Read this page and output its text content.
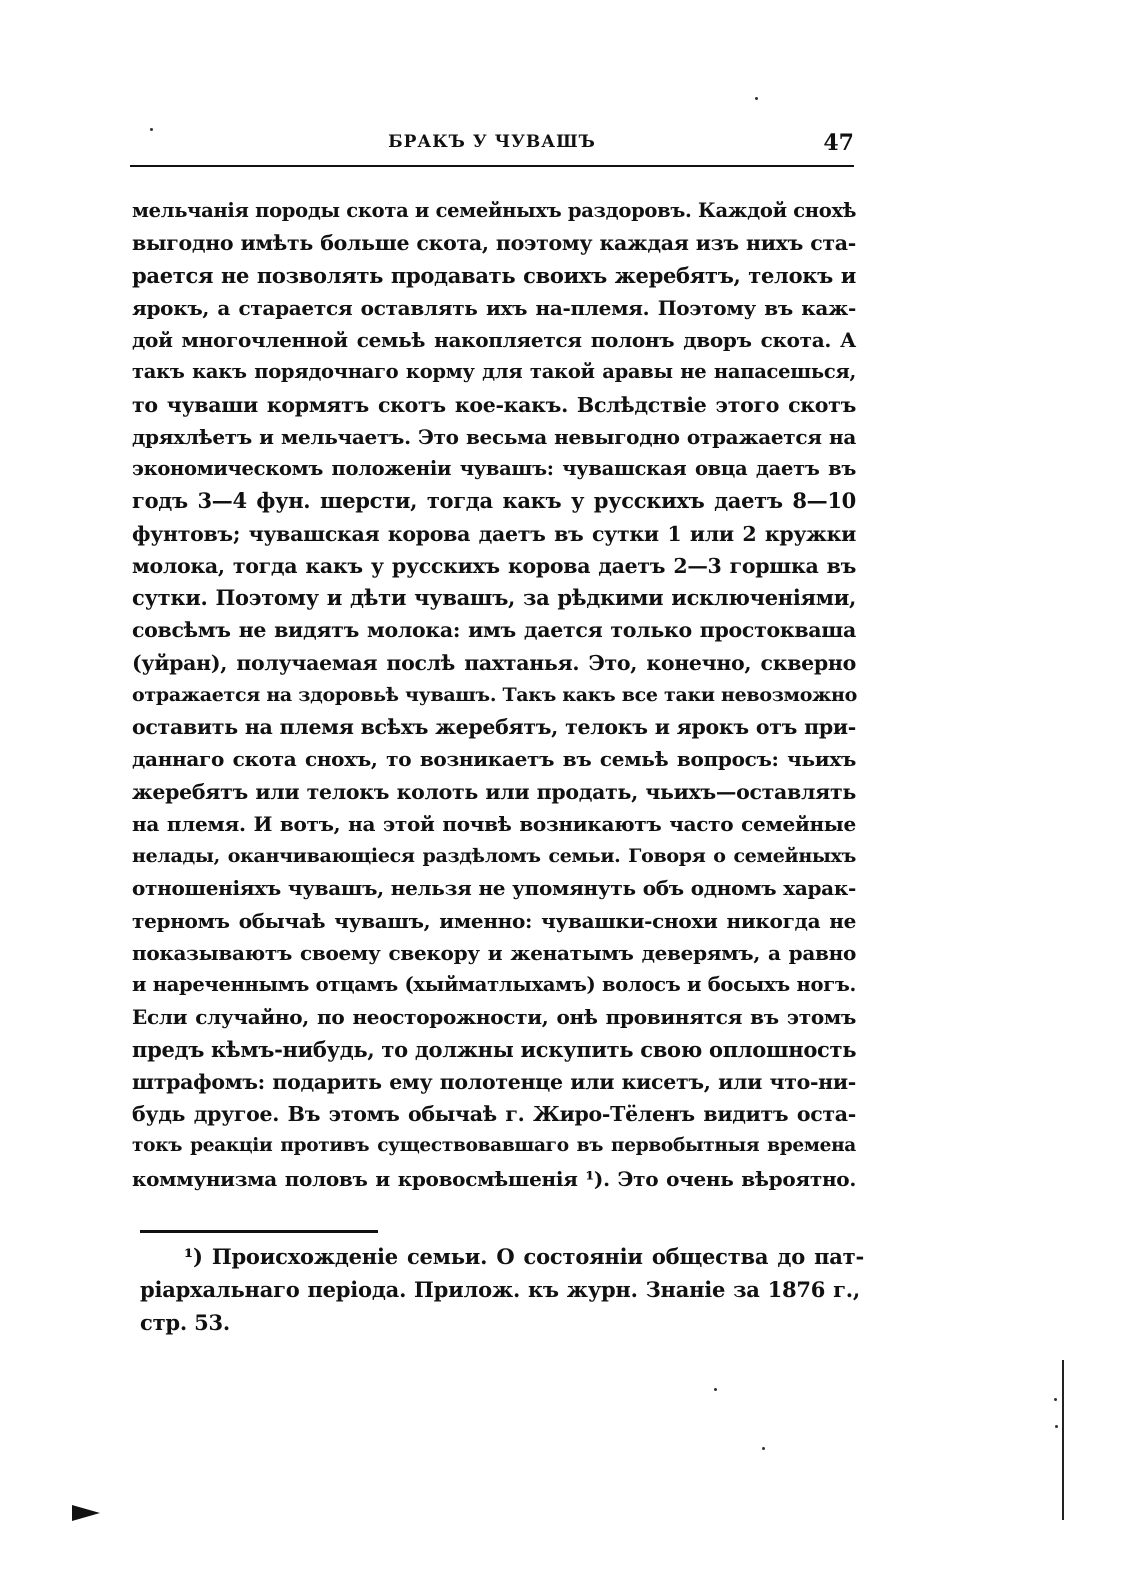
БРАКЪ У ЧУВАШЪ	47
мельчанія породы скота и семейныхъ раздоровъ. Каждой снохѣ
выгодно имѣть больше скота, поэтому каждая изъ нихъ ста-
рается не позволять продавать своихъ жеребятъ, телокъ и
ярокъ, а старается оставлять ихъ на-племя. Поэтому въ каж-
дой многочленной семьѣ накопляется полонъ дворъ скота. А
такъ какъ порядочнаго корму для такой аравы не напасешься,
то чуваши кормятъ скотъ кое-какъ. Вслѣдствіе этого скотъ
дряхлѣетъ и мельчаетъ. Это весьма невыгодно отражается на
экономическомъ положеніи чувашъ: чувашская овца даетъ въ
годъ 3—4 фун. шерсти, тогда какъ у русскихъ даетъ 8—10
фунтовъ; чувашская корова даетъ въ сутки 1 или 2 кружки
молока, тогда какъ у русскихъ корова даетъ 2—3 горшка въ
сутки. Поэтому и дѣти чувашъ, за рѣдкими исключеніями,
совсѣмъ не видятъ молока: имъ дается только простокваша
(уйран), получаемая послѣ пахтанья. Это, конечно, скверно
отражается на здоровьѣ чувашъ. Такъ какъ все таки невозможно
оставить на племя всѣхъ жеребятъ, телокъ и ярокъ отъ при-
даннаго скота снохъ, то возникаетъ въ семьѣ вопросъ: чьихъ
жеребятъ или телокъ колоть или продать, чьихъ—оставлять
на племя. И вотъ, на этой почвѣ возникаютъ часто семейные
нелады, оканчивающіеся раздѣломъ семьи. Говоря о семейныхъ
отношеніяхъ чувашъ, нельзя не упомянуть объ одномъ харак-
терномъ обычаѣ чувашъ, именно: чувашки-снохи никогда не
показываютъ своему свекору и женатымъ деверямъ, а равно
и нареченнымъ отцамъ (хыйматлыхамъ) волосъ и босыхъ ногъ.
Если случайно, по неосторожности, онѣ провинятся въ этомъ
предъ кѣмъ-нибудь, то должны искупить свою оплошность
штрафомъ: подарить ему полотенце или кисетъ, или что-ни-
будь другое. Въ этомъ обычаѣ г. Жиро-Тёленъ видитъ оста-
токъ реакціи противъ существовавшаго въ первобытныя времена
коммунизма половъ и кровосмѣшенія ¹). Это очень вѣроятно.
¹) Происхожденіе семьи. О состояніи общества до пат-
ріархальнаго періода. Прилож. къ журн. Знаніе за 1876 г.,
стр. 53.
